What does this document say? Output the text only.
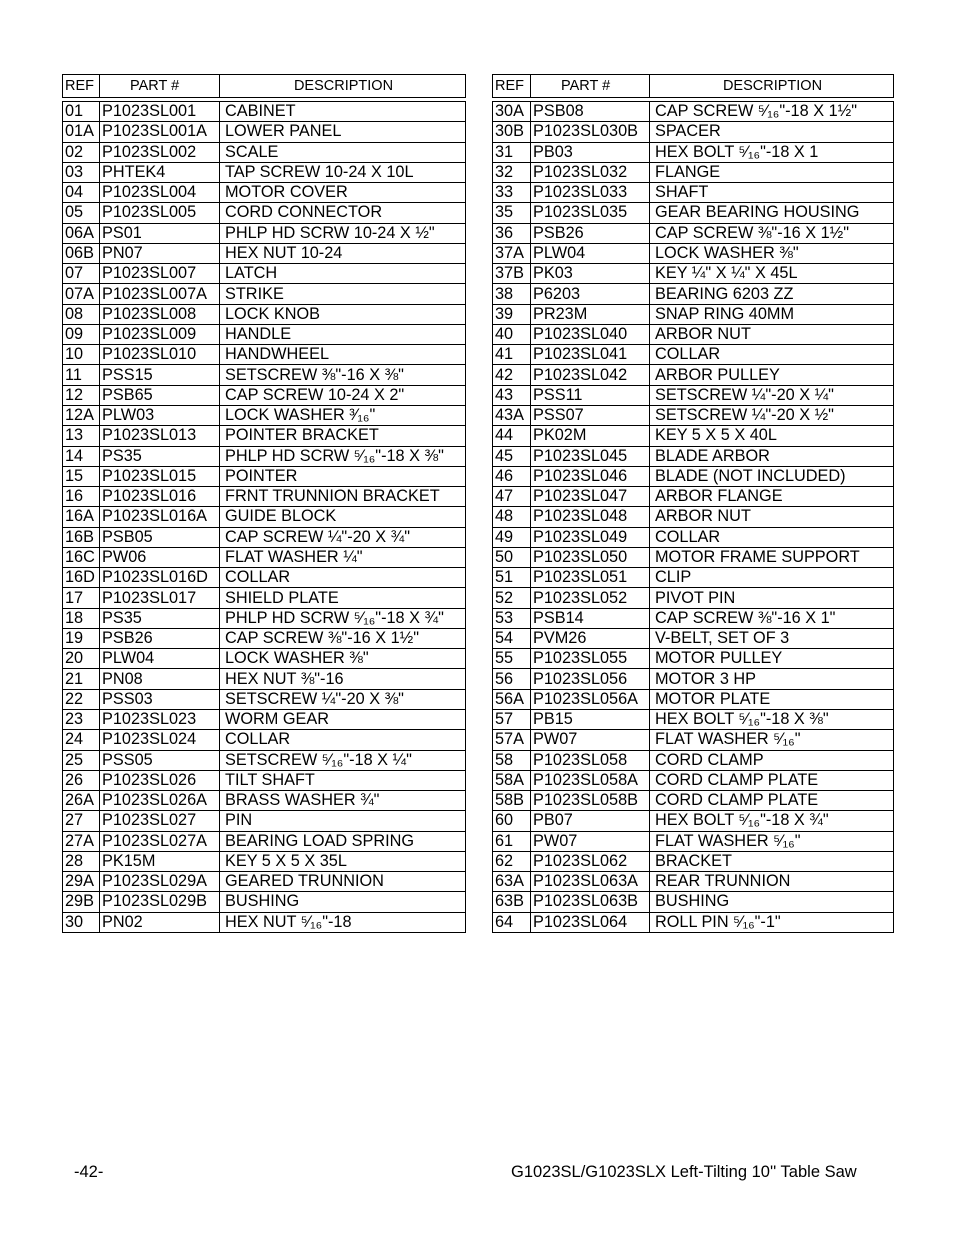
REF	PART #	DESCRIPTION

01	P1023SL001	CABINET
01A	P1023SL001A	LOWER PANEL
02	P1023SL002	SCALE
03	PHTEK4	TAP SCREW 10-24 X 10L
04	P1023SL004	MOTOR COVER
05	P1023SL005	CORD CONNECTOR
06A	PS01	PHLP HD SCRW 10-24 X ½"
06B	PN07	HEX NUT 10-24
07	P1023SL007	LATCH
07A	P1023SL007A	STRIKE
08	P1023SL008	LOCK KNOB
09	P1023SL009	HANDLE
10	P1023SL010	HANDWHEEL
11	PSS15	SETSCREW ⅜"-16 X ⅜"
12	PSB65	CAP SCREW 10-24 X 2"
12A	PLW03	LOCK WASHER ³⁄₁₆"
13	P1023SL013	POINTER BRACKET
14	PS35	PHLP HD SCRW ⁵⁄₁₆"-18 X ⅜"
15	P1023SL015	POINTER
16	P1023SL016	FRNT TRUNNION BRACKET
16A	P1023SL016A	GUIDE BLOCK
16B	PSB05	CAP SCREW ¼"-20 X ¾"
16C	PW06	FLAT WASHER ¼"
16D	P1023SL016D	COLLAR
17	P1023SL017	SHIELD PLATE
18	PS35	PHLP HD SCRW ⁵⁄₁₆"-18 X ¾"
19	PSB26	CAP SCREW ⅜"-16 X 1½"
20	PLW04	LOCK WASHER ⅜"
21	PN08	HEX NUT ⅜"-16
22	PSS03	SETSCREW ¼"-20 X ⅜"
23	P1023SL023	WORM GEAR
24	P1023SL024	COLLAR
25	PSS05	SETSCREW ⁵⁄₁₆"-18 X ¼"
26	P1023SL026	TILT SHAFT
26A	P1023SL026A	BRASS WASHER ¾"
27	P1023SL027	PIN
27A	P1023SL027A	BEARING LOAD SPRING
28	PK15M	KEY 5 X 5 X 35L
29A	P1023SL029A	GEARED TRUNNION
29B	P1023SL029B	BUSHING
30	PN02	HEX NUT ⁵⁄₁₆"-18
REF	PART #	DESCRIPTION

30A	PSB08	CAP SCREW ⁵⁄₁₆"-18 X 1½"
30B	P1023SL030B	SPACER
31	PB03	HEX BOLT ⁵⁄₁₆"-18 X 1
32	P1023SL032	FLANGE
33	P1023SL033	SHAFT
35	P1023SL035	GEAR BEARING HOUSING
36	PSB26	CAP SCREW ⅜"-16 X 1½"
37A	PLW04	LOCK WASHER ⅜"
37B	PK03	KEY ¼" X ¼" X 45L
38	P6203	BEARING 6203 ZZ
39	PR23M	SNAP RING 40MM
40	P1023SL040	ARBOR NUT
41	P1023SL041	COLLAR
42	P1023SL042	ARBOR PULLEY
43	PSS11	SETSCREW ¼"-20 X ¼"
43A	PSS07	SETSCREW ¼"-20 X ½"
44	PK02M	KEY 5 X 5 X 40L
45	P1023SL045	BLADE ARBOR
46	P1023SL046	BLADE (NOT INCLUDED)
47	P1023SL047	ARBOR FLANGE
48	P1023SL048	ARBOR NUT
49	P1023SL049	COLLAR
50	P1023SL050	MOTOR FRAME SUPPORT
51	P1023SL051	CLIP
52	P1023SL052	PIVOT PIN
53	PSB14	CAP SCREW ⅜"-16 X 1"
54	PVM26	V-BELT, SET OF 3
55	P1023SL055	MOTOR PULLEY
56	P1023SL056	MOTOR 3 HP
56A	P1023SL056A	MOTOR PLATE
57	PB15	HEX BOLT ⁵⁄₁₆"-18 X ⅜"
57A	PW07	FLAT WASHER ⁵⁄₁₆"
58	P1023SL058	CORD CLAMP
58A	P1023SL058A	CORD CLAMP PLATE
58B	P1023SL058B	CORD CLAMP PLATE
60	PB07	HEX BOLT ⁵⁄₁₆"-18 X ¾"
61	PW07	FLAT WASHER ⁵⁄₁₆"
62	P1023SL062	BRACKET
63A	P1023SL063A	REAR TRUNNION
63B	P1023SL063B	BUSHING
64	P1023SL064	ROLL PIN ⁵⁄₁₆"-1"
-42-	G1023SL/G1023SLX Left-Tilting 10'' Table Saw
